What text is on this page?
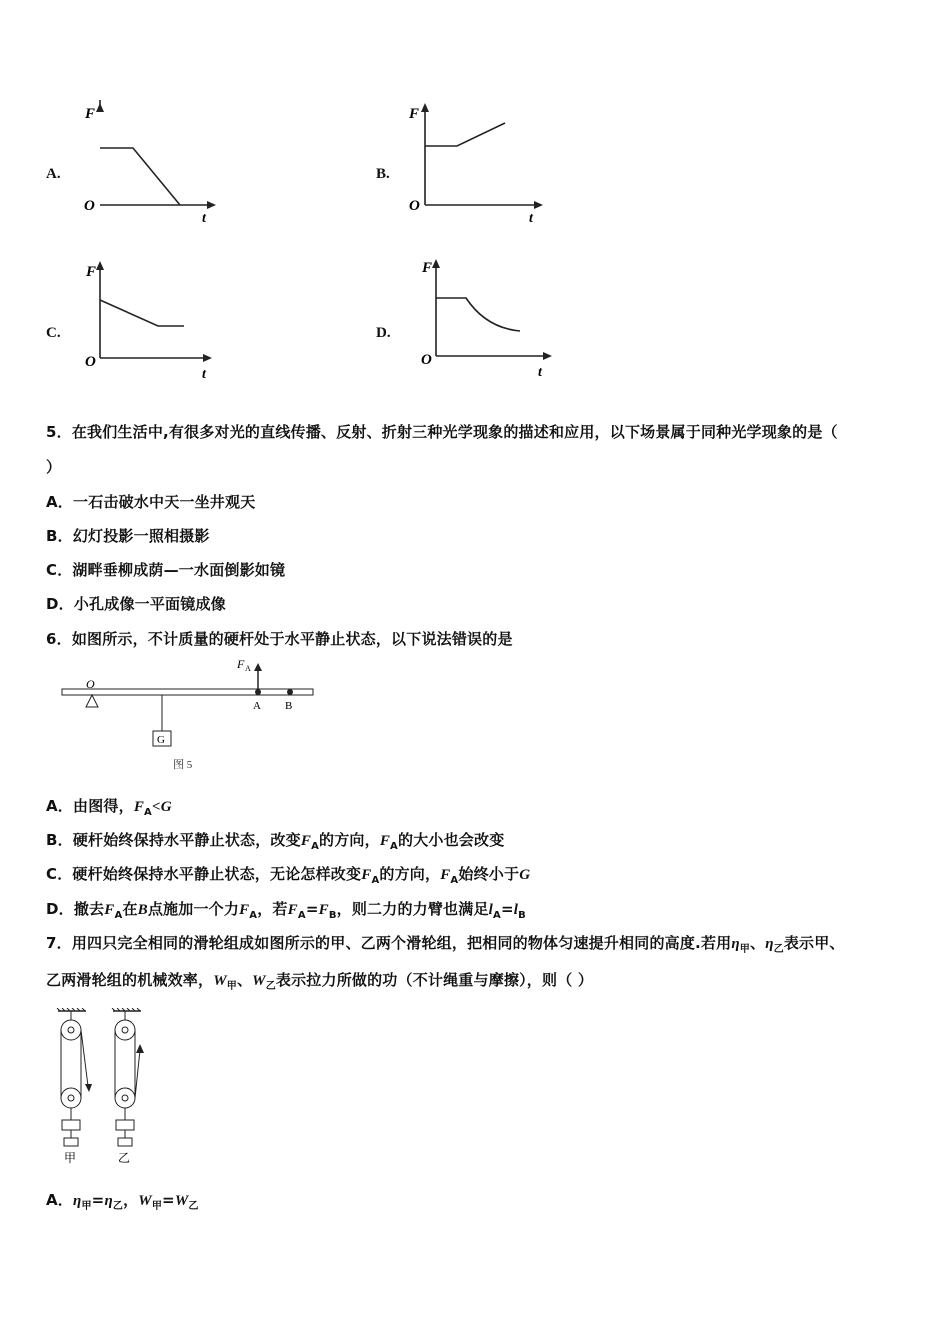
A.
F
O
t
B.
F
O
t
C.
F
O
t
D.
F
O
t
5．在我们生活中,有很多对光的直线传播、反射、折射三种光学现象的描述和应用，以下场景属于同种光学现象的是（
）
A．一石击破水中天一坐井观天
B．幻灯投影一照相摄影
C．湖畔垂柳成荫—一水面倒影如镜
D．小孔成像一平面镜成像
6．如图所示，不计质量的硬杆处于水平静止状态，以下说法错误的是
O
G
F A
A B
图 5
A．由图得，$F_A<G$
B．硬杆始终保持水平静止状态，改变$F_A$的方向，$F_A$的大小也会改变
C．硬杆始终保持水平静止状态，无论怎样改变$F_A$的方向，$F_A$始终小于G
D．撤去$F_A$在B点施加一个力$F_A$，若$F_A=F_B$，则二力的力臂也满足$l_A=l_B$
7．用四只完全相同的滑轮组成如图所示的甲、乙两个滑轮组，把相同的物体匀速提升相同的高度.若用$\eta_甲$、$\eta_乙$表示甲、
乙两滑轮组的机械效率，$W_甲$、$W_乙$表示拉力所做的功（不计绳重与摩擦），则（ ）
甲	乙
A．$\eta_甲=\eta_乙$，$W_甲=W_乙$
